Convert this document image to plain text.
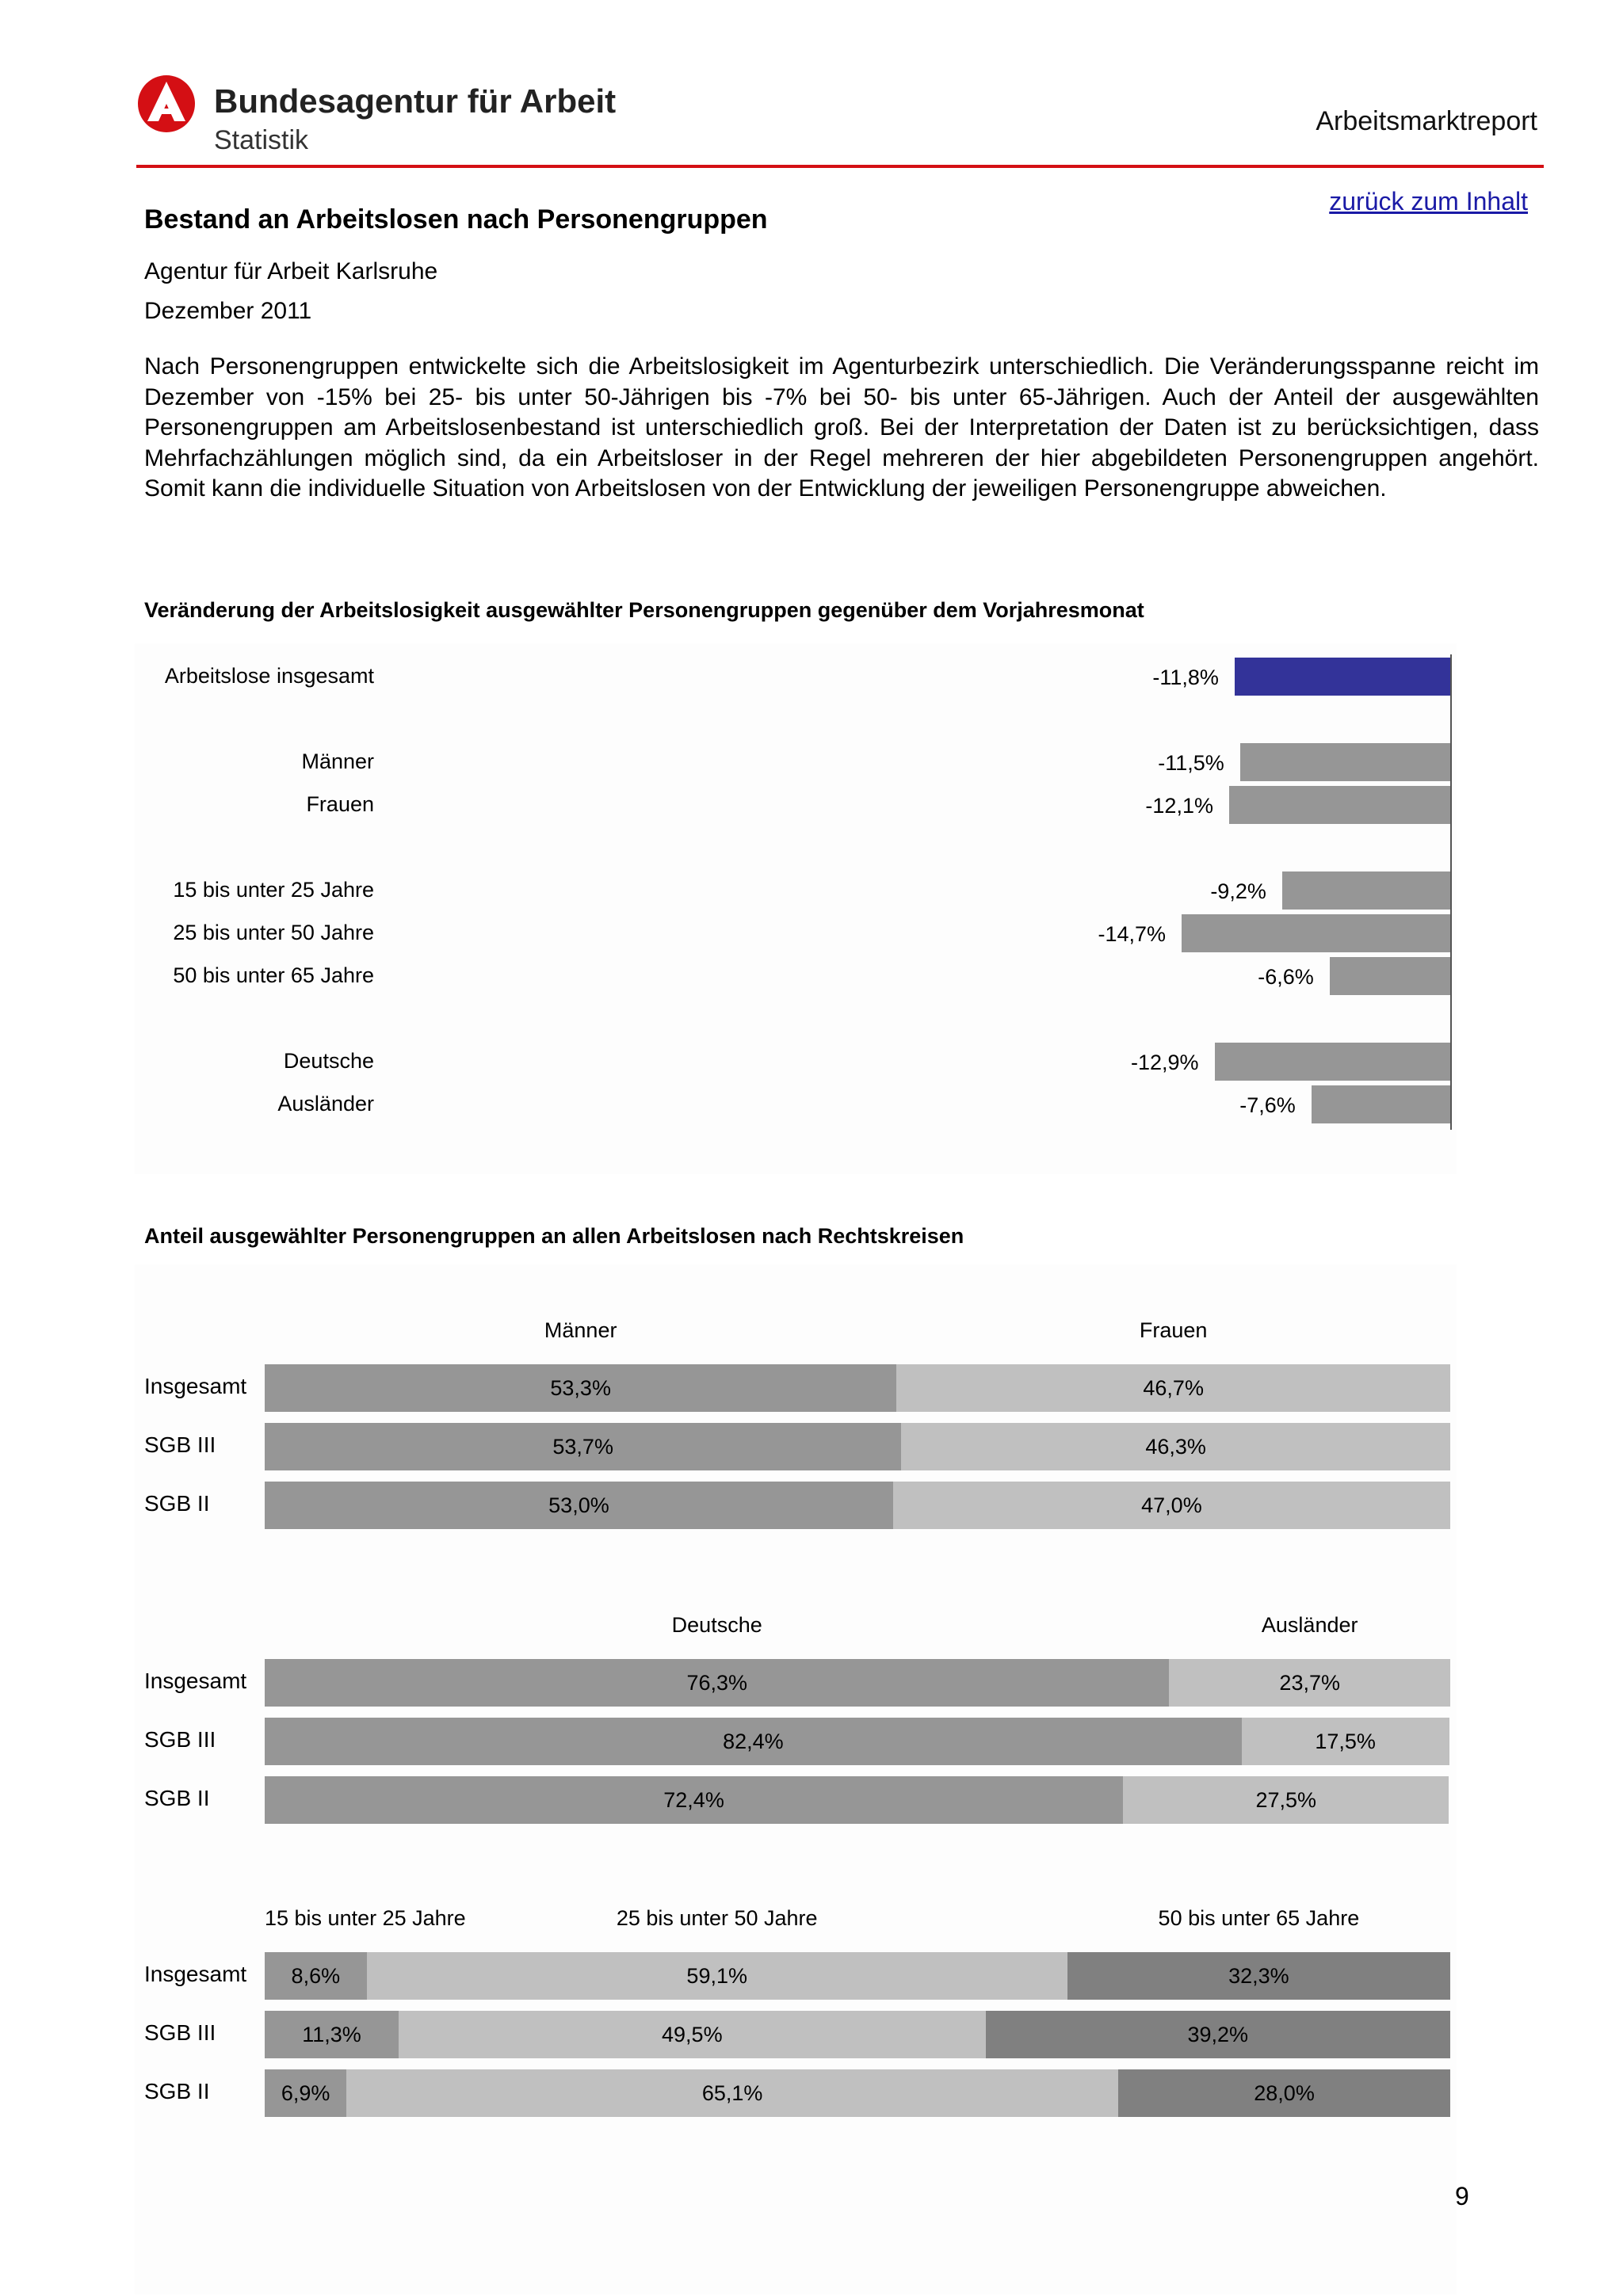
Bundesagentur für Arbeit
Statistik
Arbeitsmarktreport
zurück zum Inhalt
Bestand an Arbeitslosen nach Personengruppen
Agentur für Arbeit Karlsruhe
Dezember 2011
Nach Personengruppen entwickelte sich die Arbeitslosigkeit im Agenturbezirk unterschiedlich. Die Veränderungsspanne reicht im Dezember von -15% bei 25- bis unter 50-Jährigen bis -7% bei 50- bis unter 65-Jährigen. Auch der Anteil der ausgewählten Personengruppen am Arbeitslosenbestand ist unterschiedlich groß. Bei der Interpretation der Daten ist zu berücksichtigen, dass Mehrfachzählungen möglich sind, da ein Arbeitsloser in der Regel mehreren der hier abgebildeten Personengruppen angehört. Somit kann die individuelle Situation von Arbeitslosen von der Entwicklung der jeweiligen Personengruppe abweichen.
Veränderung der Arbeitslosigkeit ausgewählter Personengruppen gegenüber dem Vorjahresmonat
Arbeitslose insgesamt	-11,8%
Männer	-11,5%
Frauen	-12,1%
15 bis unter 25 Jahre	-9,2%
25 bis unter 50 Jahre	-14,7%
50 bis unter 65 Jahre	-6,6%
Deutsche	-12,9%
Ausländer	-7,6%
Anteil ausgewählter Personengruppen an allen Arbeitslosen nach Rechtskreisen
Männer	Frauen
Insgesamt	53,3%	46,7%
SGB III	53,7%	46,3%
SGB II	53,0%	47,0%
Deutsche	Ausländer
Insgesamt	76,3%	23,7%
SGB III	82,4%	17,5%
SGB II	72,4%	27,5%
15 bis unter 25 Jahre	25 bis unter 50 Jahre	50 bis unter 65 Jahre
Insgesamt	8,6%	59,1%	32,3%
SGB III	11,3%	49,5%	39,2%
SGB II	6,9%	65,1%	28,0%
9
